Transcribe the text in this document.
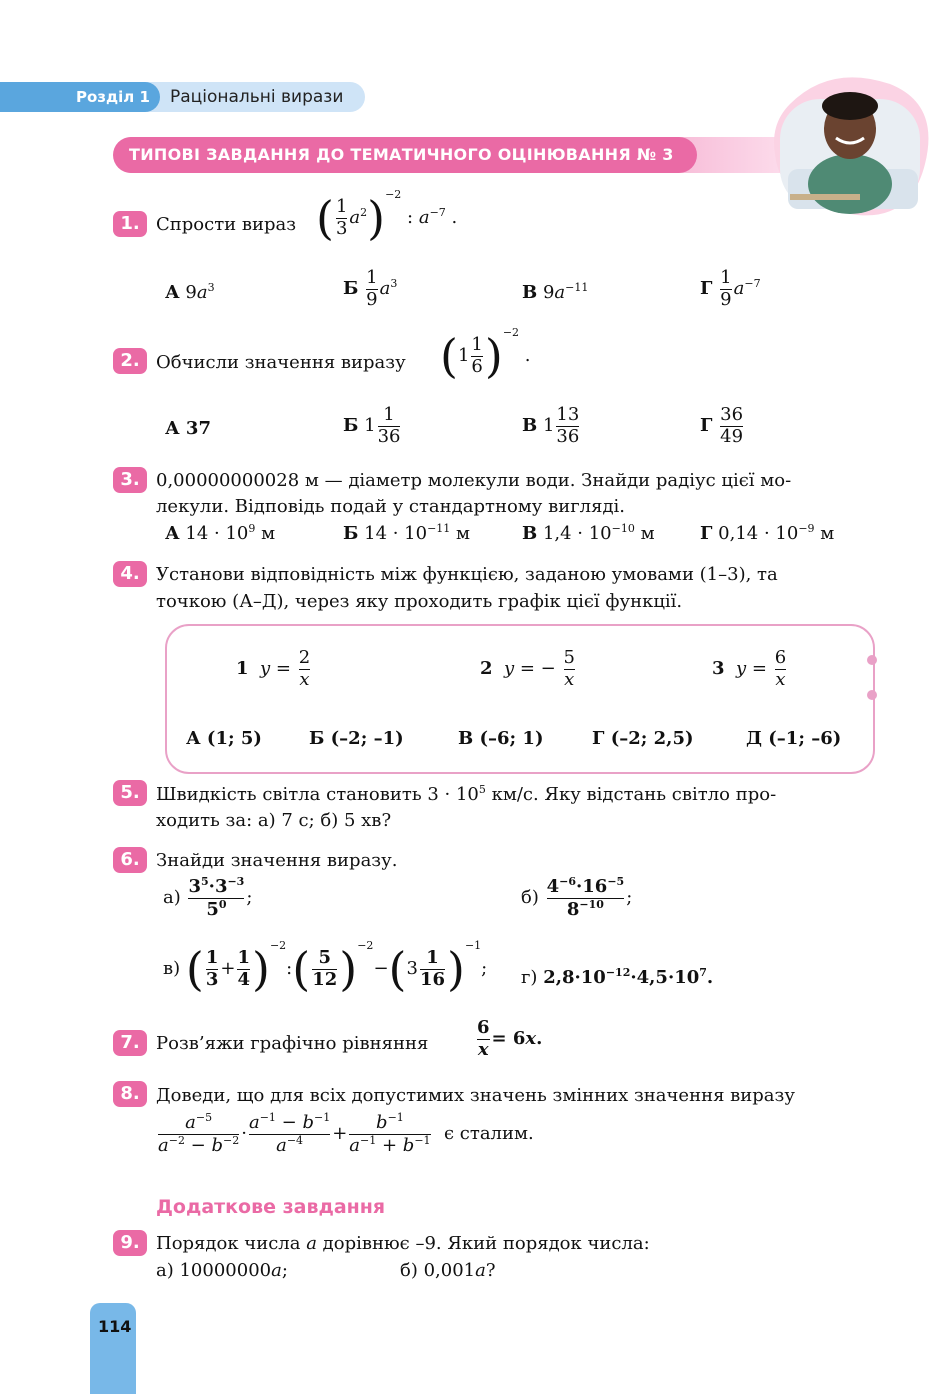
Розділ 1 Раціональні вирази
ТИПОВІ ЗАВДАННЯ ДО ТЕМАТИЧНОГО ОЦІНЮВАННЯ № 3
1. Спрости вираз ( $\frac{1}{3} a^2)^{-2}$ : $a^{-7}$ .
А $9a^3$	Б $\frac{1}{9} a^3$	В $9a^{-11}$	Г $\frac{1}{9} a^{-7}$
2. Обчисли значення виразу $(1 \frac{1}{6} )^{-2}$ .
А 37	Б $1 \frac{1}{36}$	В $1 \frac{13}{36}$	Г $\frac{36}{49}$
3. 0,00000000028 м — діаметр молекули води. Знайди радіус цієї мо-
лекули. Відповідь подай у стандартному вигляді.
А $14 \cdot 10^9$ м	Б $14 \cdot 10^{-11}$ м	В $1,4 \cdot 10^{-10}$ м	Г $0,14 \cdot 10^{-9}$ м
4. Установи відповідність між функцією, заданою умовами (1–3), та
точкою (А–Д), через яку проходить графік цієї функції.
1 $y = \frac{2}{x}$	2 y = − $\frac{5}{x}$	3 $y = \frac{6}{x}$
А (1; 5)	Б (–2; –1)	В (–6; 1)	Г (–2; 2,5)	Д (–1; –6)
5. Швидкість світла становить $3 \cdot 10^5$ км/с. Яку відстань світло про-
ходить за: а) 7 с; б) 5 хв?
6. Знайди значення виразу.
$а) \frac{3^5\cdot 3^{-3}}{5^0}$ ;	$б) \frac{4^{-6}\cdot 16^{-5}}{8^{-10}}$ ;
в) ( $\frac{1}{3} + \frac{1}{4}$ )$^{-2}$:( $\frac{5}{12} )^{-2}-(3 \frac{1}{16} )^{-1}$; г) $2,8\cdot 10^{-12}\cdot 4,5\cdot 10^7$.
7. Розв’яжи графічно рівняння	$\frac{6}{x} = 6x$.
8. Доведи, що для всіх допустимих значень змінних значення виразу
$\frac{a^{-5}}{a^{-2} - b^{-2}} \cdot \frac{a^{-1} - b^{-1}}{a^{-4}} + \frac{b^{-1}}{a^{-1} + b^{-1}}$ є сталим.
Додаткове завдання
9. Порядок числа a дорівнює –9. Який порядок числа:
а) 10000000a;	б) 0,001a?
114
